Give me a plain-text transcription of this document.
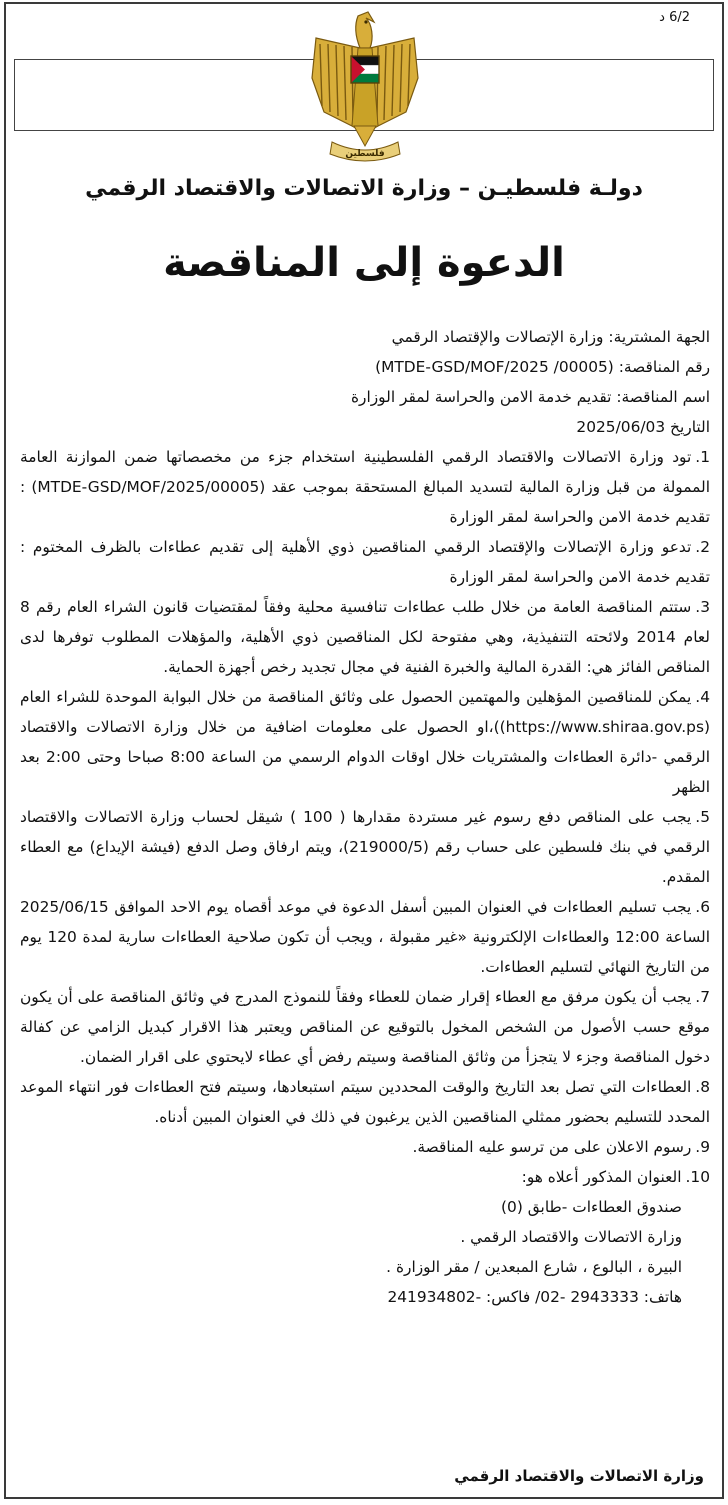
6/2 د
فلسطين
دولـة فلسطيـن – وزارة الاتصالات والاقتصاد الرقمي
الدعوة إلى المناقصة

الجهة المشترية: وزارة الإتصالات والإقتصاد الرقمي

رقم المناقصة: (MTDE-GSD/MOF/2025 /00005)

اسم المناقصة: تقديم خدمة الامن والحراسة لمقر الوزارة

التاريخ 2025/06/03

1.تود وزارة الاتصالات والاقتصاد الرقمي الفلسطينية استخدام جزء من مخصصاتها ضمن الموازنة العامة الممولة من قبل وزارة المالية لتسديد المبالغ المستحقة بموجب عقد (00005/MTDE-GSD/MOF/2025) : تقديم خدمة الامن والحراسة لمقر الوزارة

2.تدعو وزارة الإتصالات والإقتصاد الرقمي المناقصين ذوي الأهلية إلى تقديم عطاءات بالظرف المختوم : تقديم خدمة الامن والحراسة لمقر الوزارة

3.ستتم المناقصة العامة من خلال طلب عطاءات تنافسية محلية وفقاً لمقتضيات قانون الشراء العام رقم 8 لعام 2014 ولائحته التنفيذية، وهي مفتوحة لكل المناقصين ذوي الأهلية، والمؤهلات المطلوب توفرها لدى المناقص الفائز هي: القدرة المالية والخبرة الفنية في مجال تجديد رخص أجهزة الحماية.

4.يمكن للمناقصين المؤهلين والمهتمين الحصول على وثائق المناقصة من خلال البوابة الموحدة للشراء العام (https://www.shiraa.gov.ps))،او الحصول على معلومات اضافية من خلال وزارة الاتصالات والاقتصاد الرقمي -دائرة العطاءات والمشتريات خلال اوقات الدوام الرسمي من الساعة 8:00 صباحا وحتى 2:00 بعد الظهر

5.يجب على المناقص دفع رسوم غير مستردة مقدارها ( 100 ) شيقل لحساب وزارة الاتصالات والاقتصاد الرقمي في بنك فلسطين على حساب رقم (219000/5)، ويتم ارفاق وصل الدفع (فيشة الإيداع) مع العطاء المقدم.

6.يجب تسليم العطاءات في العنوان المبين أسفل الدعوة في موعد أقصاه يوم الاحد الموافق 2025/06/15 الساعة 12:00 والعطاءات الإلكترونية «غير مقبولة ، ويجب أن تكون صلاحية العطاءات سارية لمدة 120 يوم من التاريخ النهائي لتسليم العطاءات.

7.يجب أن يكون مرفق مع العطاء إقرار ضمان للعطاء وفقاً للنموذج المدرج في وثائق المناقصة على أن يكون موقع حسب الأصول من الشخص المخول بالتوقيع عن المناقص ويعتبر هذا الاقرار كبديل الزامي عن كفالة دخول المناقصة وجزء لا يتجزأ من وثائق المناقصة وسيتم رفض أي عطاء لايحتوي على اقرار الضمان.

8.العطاءات التي تصل بعد التاريخ والوقت المحددين سيتم استبعادها، وسيتم فتح العطاءات فور انتهاء الموعد المحدد للتسليم بحضور ممثلي المناقصين الذين يرغبون في ذلك في العنوان المبين أدناه.

9.رسوم الاعلان على من ترسو عليه المناقصة.

10.العنوان المذكور أعلاه هو:

صندوق العطاءات -طابق (0)

وزارة الاتصالات والاقتصاد الرقمي .

البيرة ، البالوع ، شارع المبعدين / مقر الوزارة .

هاتف: 2943333 -02/ فاكس: -241934802

وزارة الاتصالات والاقتصاد الرقمي
